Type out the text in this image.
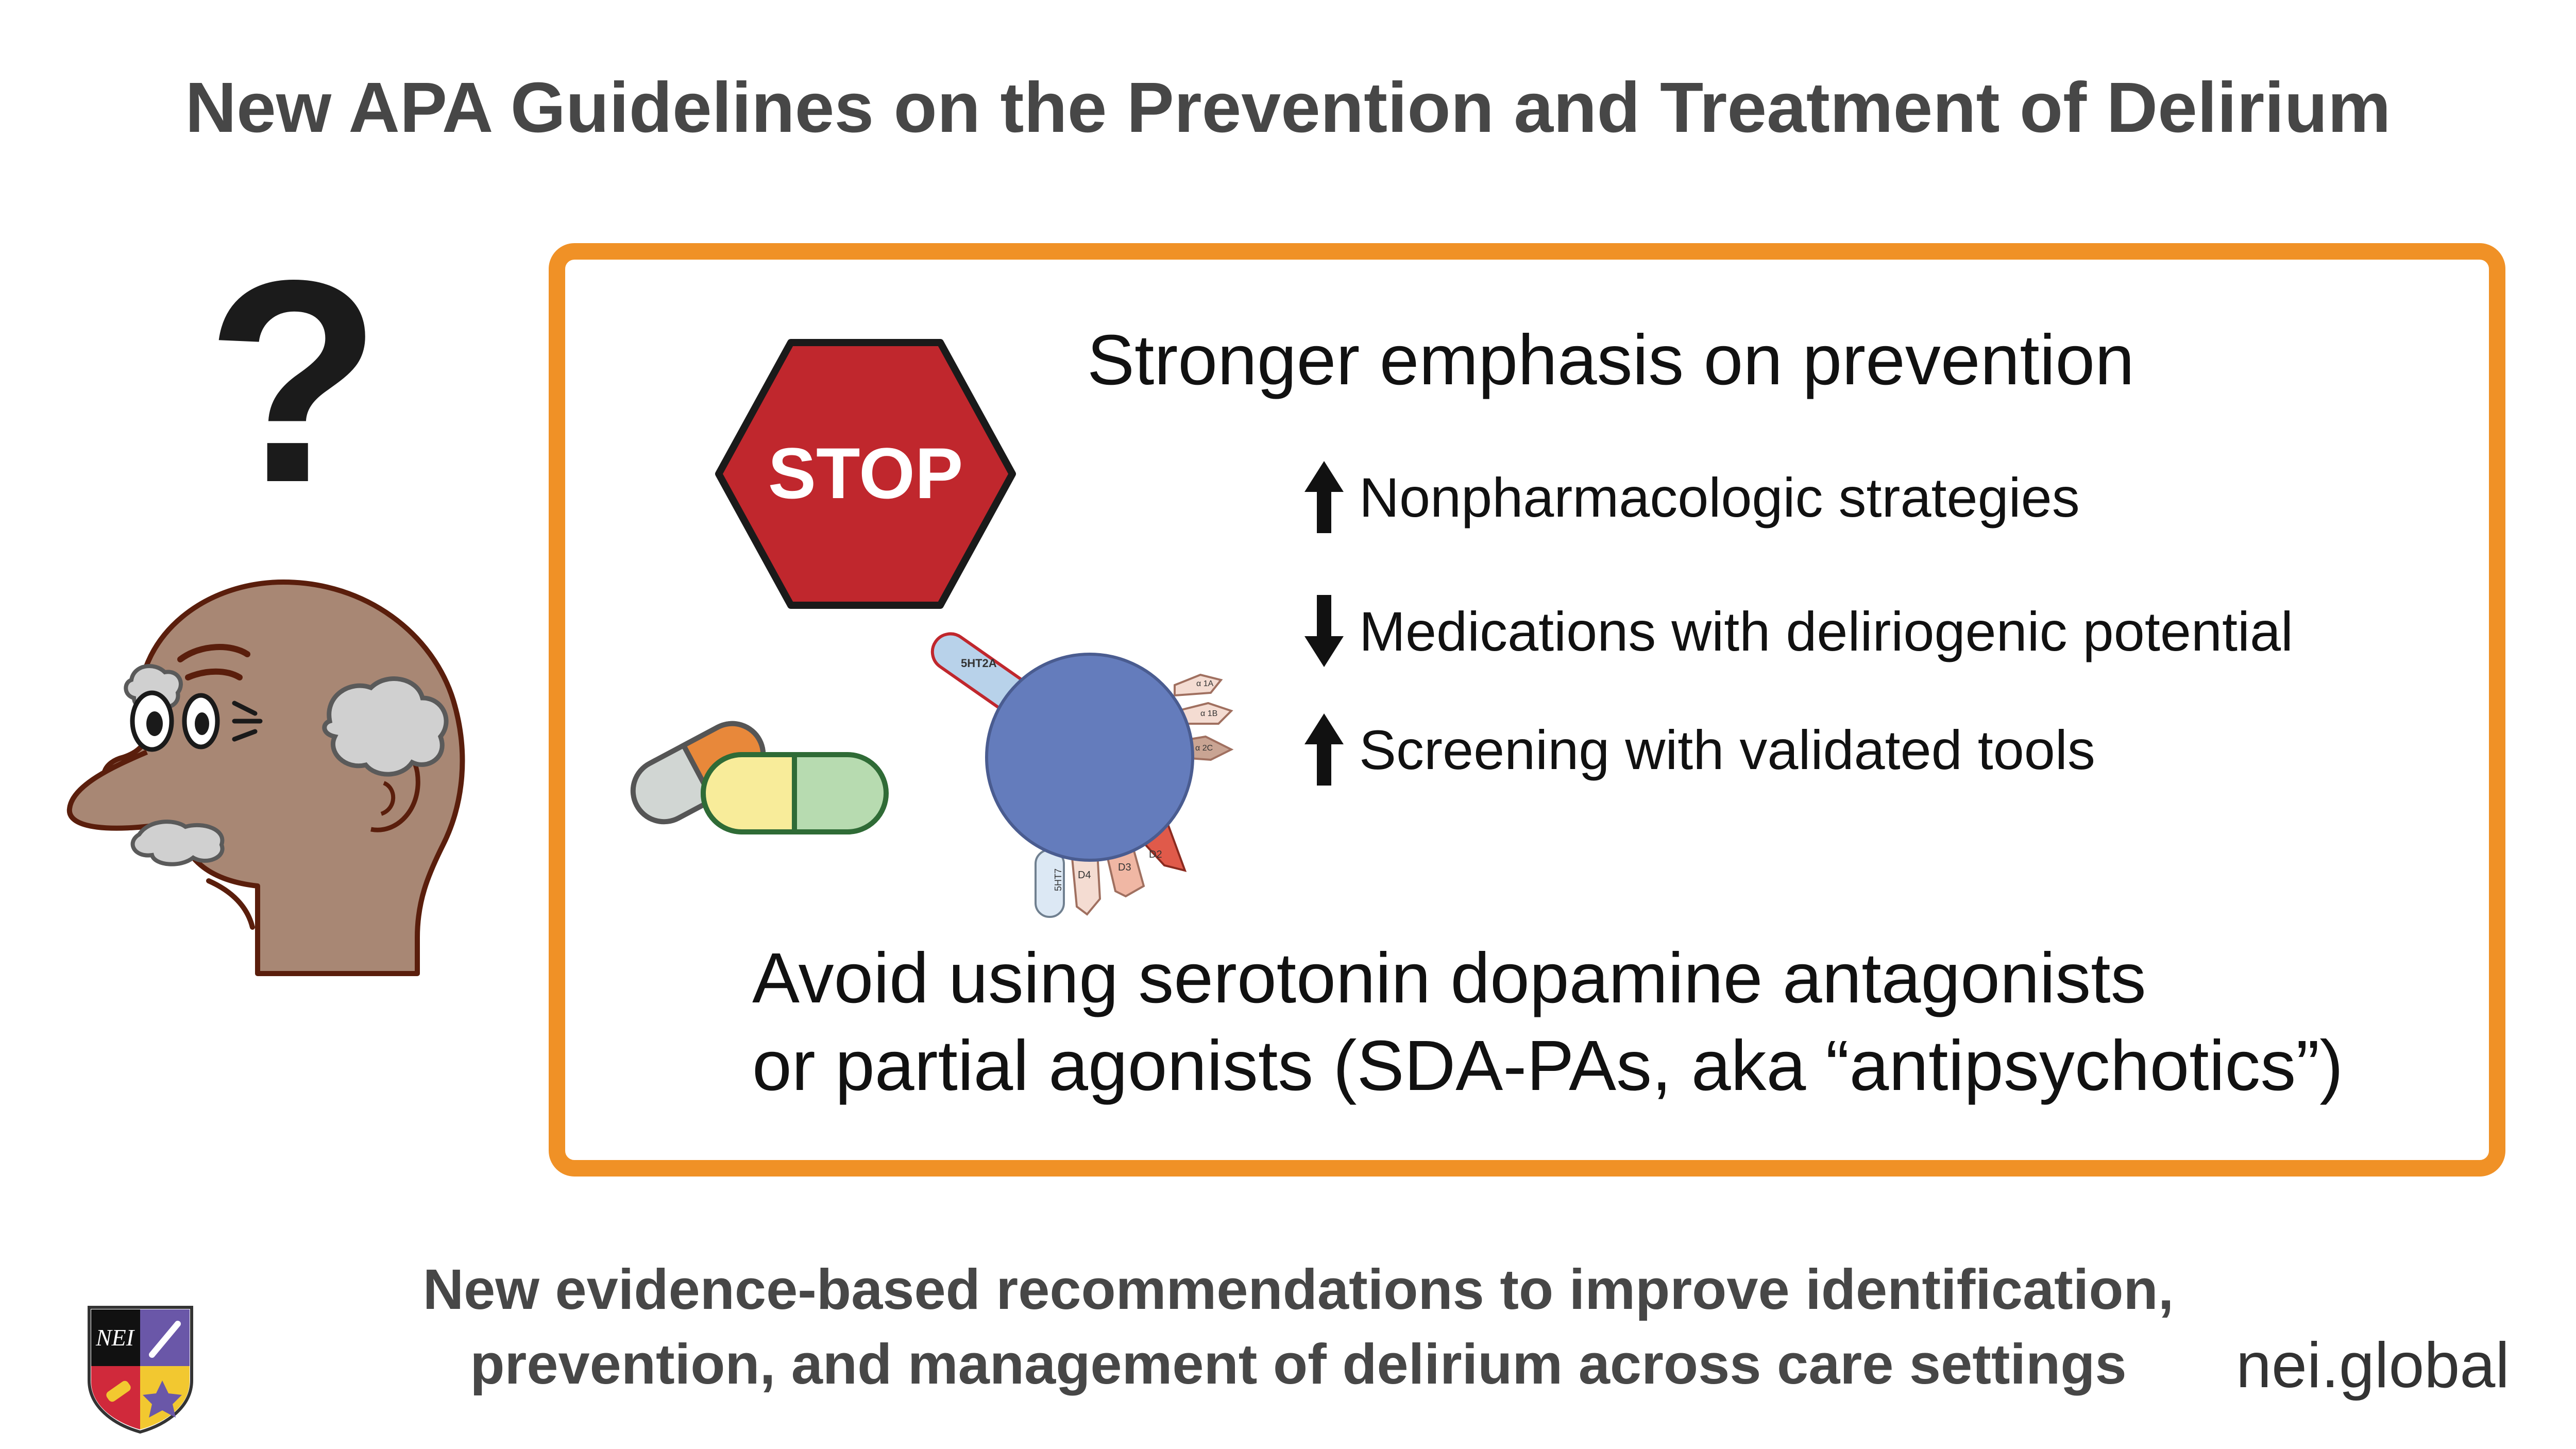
New APA Guidelines on the Prevention and Treatment of Delirium
?	STOP
5HT2A
α 1A
α 1B
α 2C
D2
D3
D4
5HT7
Stronger emphasis on prevention
Nonpharmacologic strategies
Medications with deliriogenic potential
Screening with validated tools
Avoid using serotonin dopamine antagonists
or partial agonists (SDA-PAs, aka “antipsychotics”)
NEI
New evidence-based recommendations to improve identification,
prevention, and management of delirium across care settings	nei.global
